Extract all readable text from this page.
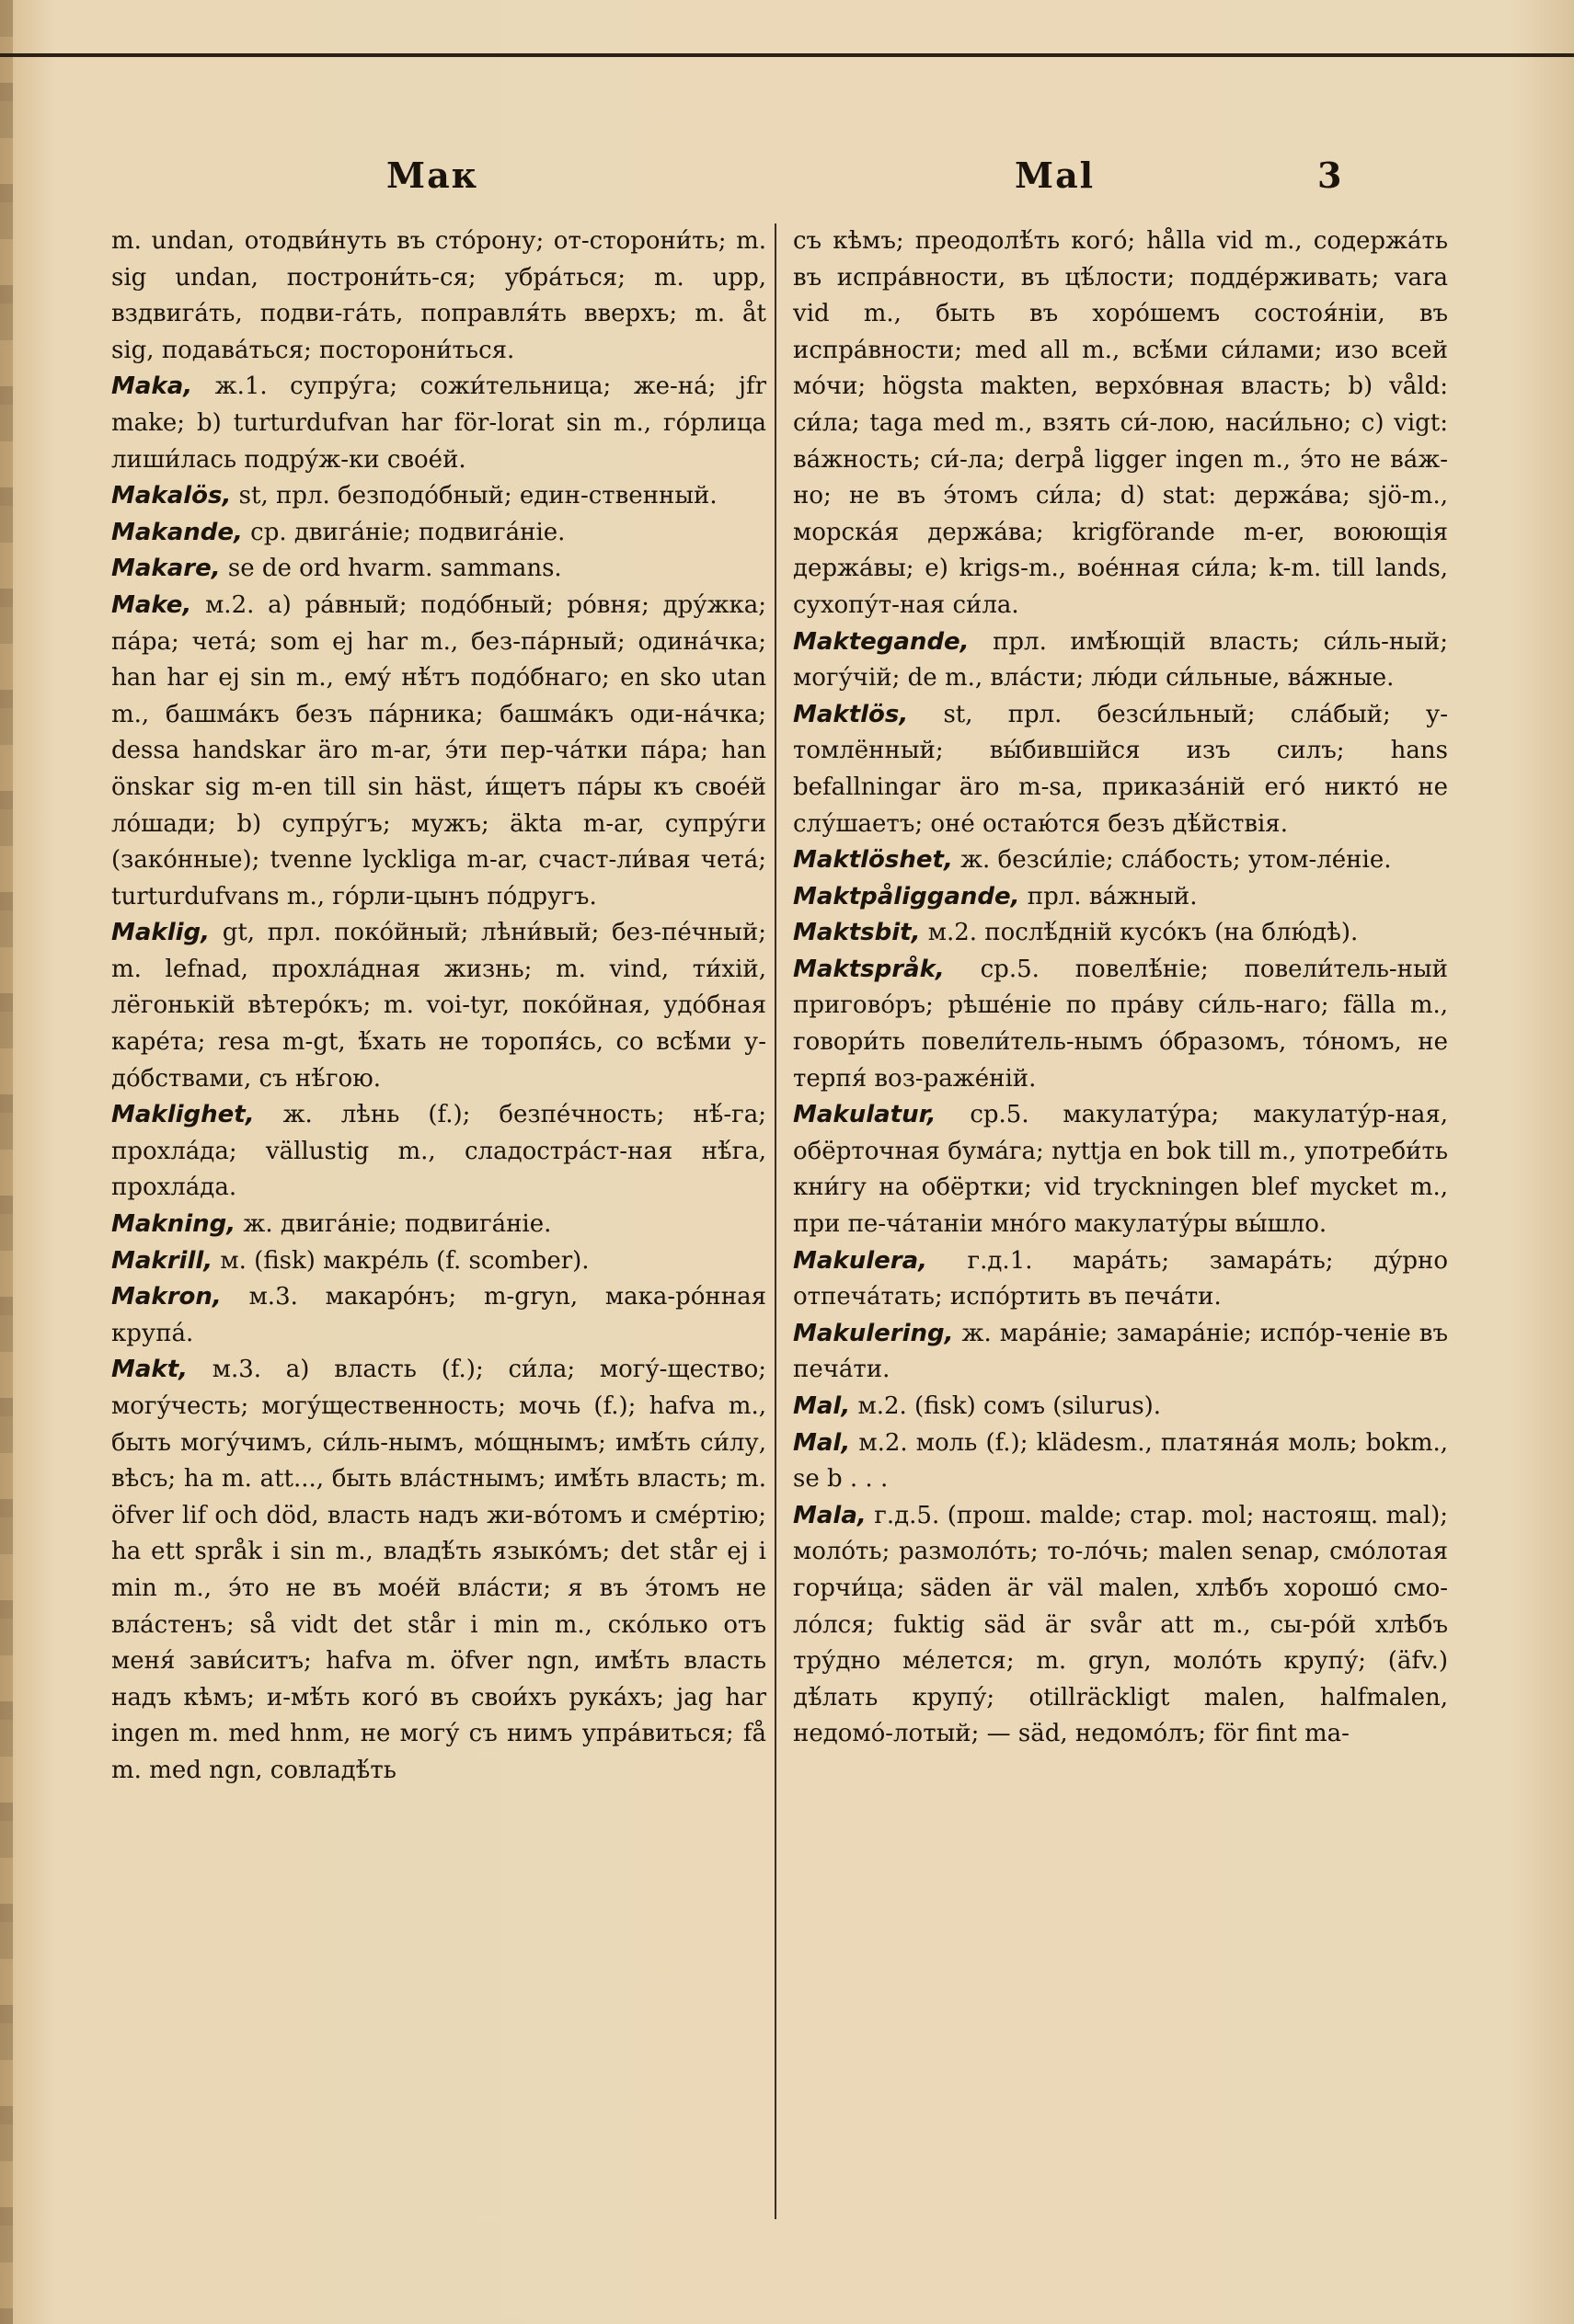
Мак	Mal	3

m. undan, отодви́нуть въ сто́рону; от-сторони́ть; m. sig undan, построни́ть-ся; убра́ться; m. upp, вздвига́ть, подви-га́ть, поправля́ть вверхъ; m. åt sig, подава́ться; посторони́ться.

Maka, ж.1. супру́га; сожи́тельница; же-на́; jfr make; b) turturdufvan har för-lorat sin m., го́рлица лиши́лась подру́ж-ки свое́й.

Makalös, st, прл. безподо́бный; един-ственный.

Makande, ср. двига́ніе; подвига́ніе.

Makare, se de ord hvarm. sammans.

Make, м.2. а) ра́вный; подо́бный; ро́вня; дру́жка; па́ра; чета́; som ej har m., без-па́рный; одина́чка; han har ej sin m., ему́ нѣ́тъ подо́бнаго; en sko utan m., башма́къ безъ па́рника; башма́къ оди-на́чка; dessa handskar äro m-ar, э́ти пер-ча́тки па́ра; han önskar sig m-en till sin häst, и́щетъ па́ры къ свое́й ло́шади; b) супру́гъ; мужъ; äkta m-ar, супру́ги (зако́нные); tvenne lyckliga m-ar, счаст-ли́вая чета́; turturdufvans m., го́рли-цынъ по́другъ.

Maklig, gt, прл. поко́йный; лѣни́вый; без-пе́чный; m. lefnad, прохла́дная жизнь; m. vind, ти́хій, лёгонькій вѣтеро́къ; m. voi-tyr, поко́йная, удо́бная каре́та; resa m-gt, ѣ́хать не торопя́сь, со всѣ́ми у-до́бствами, съ нѣ́гою.

Maklighet, ж. лѣнь (f.); безпе́чность; нѣ́-га; прохла́да; vällustig m., сладостра́ст-ная нѣ́га, прохла́да.

Makning, ж. двига́ніе; подвига́ніе.

Makrill, м. (fisk) макре́ль (f. scomber).

Makron, м.3. макаро́нъ; m-gryn, мака-ро́нная крупа́.

Makt, м.3. а) власть (f.); си́ла; могу́-щество; могу́честь; могу́щественность; мочь (f.); hafva m., быть могу́чимъ, си́ль-нымъ, мо́щнымъ; имѣ́ть си́лу, вѣсъ; ha m. att..., быть вла́стнымъ; имѣ́ть власть; m. öfver lif och död, власть надъ жи-во́томъ и сме́ртію; ha ett språk i sin m., владѣ́ть языко́мъ; det står ej i min m., э́то не въ мое́й вла́сти; я въ э́томъ не вла́стенъ; så vidt det står i min m., ско́лько отъ меня́ зави́ситъ; hafva m. öfver ngn, имѣ́ть власть надъ кѣмъ; и-мѣ́ть кого́ въ свои́хъ рука́хъ; jag har ingen m. med hnm, не могу́ съ нимъ упра́виться; få m. med ngn, совладѣ́ть

съ кѣмъ; преодолѣ́ть кого́; hålla vid m., содержа́ть въ испра́вности, въ цѣ́лости; подде́рживать; vara vid m., быть въ хоро́шемъ состоя́ніи, въ испра́вности; med all m., всѣ́ми си́лами; изо всей мо́чи; högsta makten, верхо́вная власть; b) våld: си́ла; taga med m., взять си́-лою, наси́льно; c) vigt: ва́жность; си́-ла; derpå ligger ingen m., э́то не ва́ж-но; не въ э́томъ си́ла; d) stat: держа́ва; sjö-m., морска́я держа́ва; krigförande m-er, воюющія держа́вы; e) krigs-m., вое́нная си́ла; k-m. till lands, сухопу́т-ная си́ла.

Maktegande, прл. имѣ́ющій власть; си́ль-ный; могу́чій; de m., вла́сти; лю́ди си́льные, ва́жные.

Maktlös, st, прл. безси́льный; сла́бый; у-томлённый; вы́бившійся изъ силъ; hans befallningar äro m-sa, приказа́ній его́ никто́ не слу́шаетъ; оне́ остаю́тся безъ дѣ́йствія.

Maktlöshet, ж. безси́ліе; сла́бость; утом-ле́ніе.

Maktpåliggande, прл. ва́жный.

Maktsbit, м.2. послѣ́дній кусо́къ (на блю́дѣ).

Maktspråk, ср.5. повелѣ́ніе; повели́тель-ный пригово́ръ; рѣше́ніе по пра́ву си́ль-наго; fälla m., говори́ть повели́тель-нымъ о́бразомъ, то́номъ, не терпя́ воз-раже́ній.

Makulatur, ср.5. макулату́ра; макулату́р-ная, обёрточная бума́га; nyttja en bok till m., употреби́ть кни́гу на обёртки; vid tryckningen blef mycket m., при пе-ча́таніи мно́го макулату́ры вы́шло.

Makulera, г.д.1. мара́ть; замара́ть; ду́рно отпеча́тать; испо́ртить въ печа́ти.

Makulering, ж. мара́ніе; замара́ніе; испо́р-ченіе въ печа́ти.

Mal, м.2. (fisk) сомъ (silurus).

Mal, м.2. моль (f.); klädesm., платяна́я моль; bokm., se b . . .

Mala, г.д.5. (прош. malde; стар. mol; настоящ. mal); моло́ть; размоло́ть; то-ло́чь; malen senap, смо́лотая горчи́ца; säden är väl malen, хлѣбъ хорошо́ смо-ло́лся; fuktig säd är svår att m., сы-ро́й хлѣбъ тру́дно ме́лется; m. gryn, моло́ть крупу́; (äfv.) дѣ́лать крупу́; otillräckligt malen, halfmalen, недомо́-лотый; — säd, недомо́лъ; för fint ma-
